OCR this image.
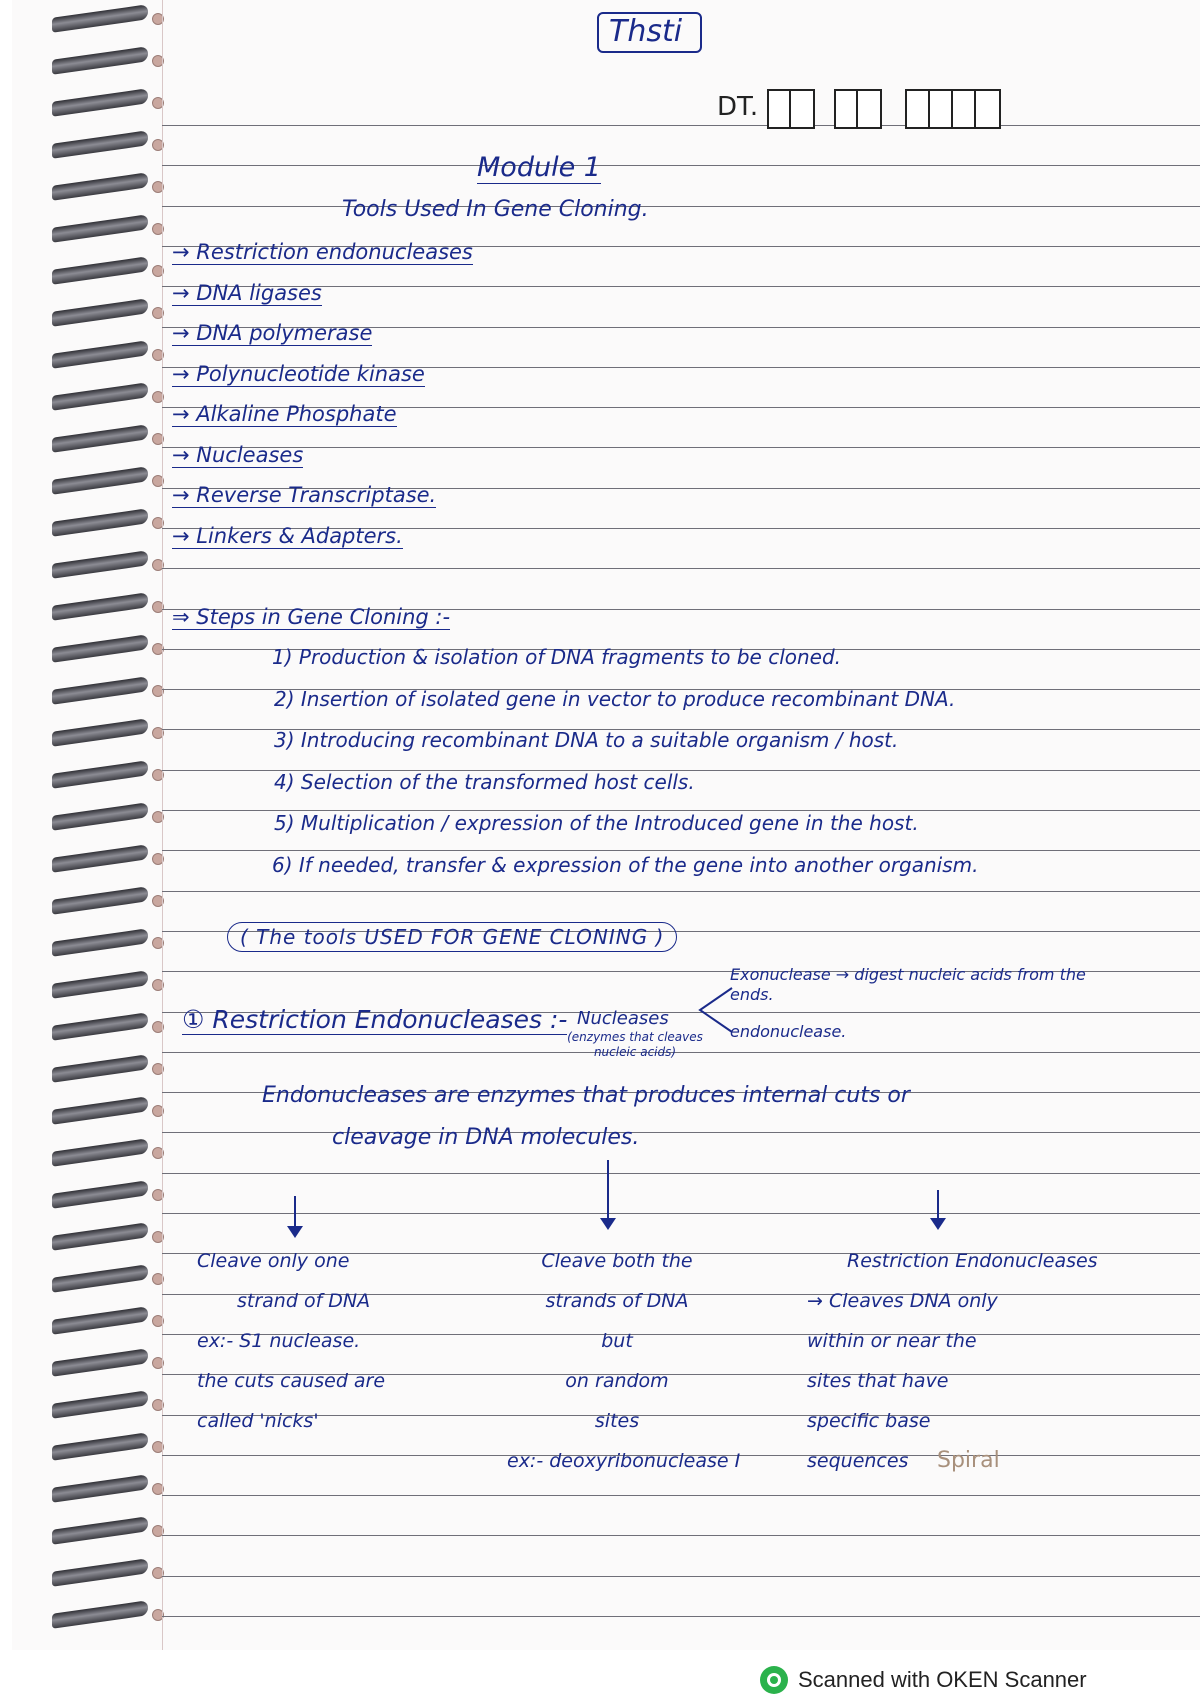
Thsti
DT.
Module 1
Tools Used In Gene Cloning.
→ Restriction endonucleases
→ DNA ligases
→ DNA polymerase
→ Polynucleotide kinase
→ Alkaline Phosphate
→ Nucleases
→ Reverse Transcriptase.
→ Linkers & Adapters.
⇒ Steps in Gene Cloning :-
1) Production & isolation of DNA fragments to be cloned.
2) Insertion of isolated gene in vector to produce recombinant DNA.
3) Introducing recombinant DNA to a suitable organism / host.
4) Selection of the transformed host cells.
5) Multiplication / expression of the Introduced gene in the host.
6) If needed, transfer & expression of the gene into another organism.
( The tools USED FOR GENE CLONING )
Exonuclease → digest nucleic acids from the ends.
① Restriction Endonucleases :- Nucleases
(enzymes that cleaves nucleic acids)
endonuclease.
Endonucleases are enzymes that produces internal cuts or
cleavage in DNA molecules.
Cleave only one
strand of DNA
ex:- S1 nuclease.
the cuts caused are
called 'nicks'
Cleave both the
strands of DNA
but
on random
sites
ex:- deoxyribonuclease I
Restriction Endonucleases
→ Cleaves DNA only
within or near the
sites that have
specific base
sequences	Spiral
Scanned with OKEN Scanner
